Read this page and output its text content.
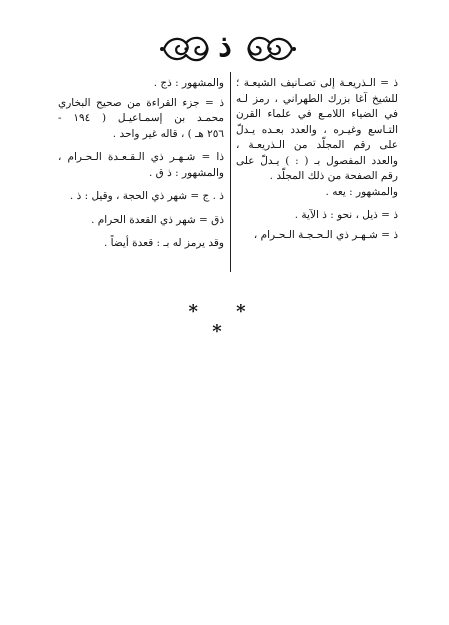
ذ
ذ = الـذريعـة إلى تصـانيف الشيعـة ؛
للشيخ آغا بزرك الطهراني ، رمز لـه
في الضياء اللامـع في علماء القرن
التـاسع وغيـره ، والعدد بعـده يـدلّ
على رقم المجلّد من الـذريعـة ،
والعدد المفصول بـ ( : ) يـدلّ على
رقم الصفحة من ذلك المجلّد .
والمشهور : يعه .
ذ = ذيل ، نحو : ذ الآية .
ذ = شـهـر ذي الـحـجـة الـحـرام ،
والمشهور : ذج .
ذ = جزء القراءة من صحيح البخاري
محمـد بن إسمـاعيـل ( ١٩٤ -
٢٥٦ هـ ) ، قاله غير واحد .
ذا = شـهـر ذي الـقـعـدة الـحـرام ،
والمشهور : ذ ق .
ذ . ج = شهر ذي الحجة ، وقيل : ذ .
ذق = شهر ذي القعدة الحرام .
وقد يرمز له بـ : قعدة أيضاً .
* * *
